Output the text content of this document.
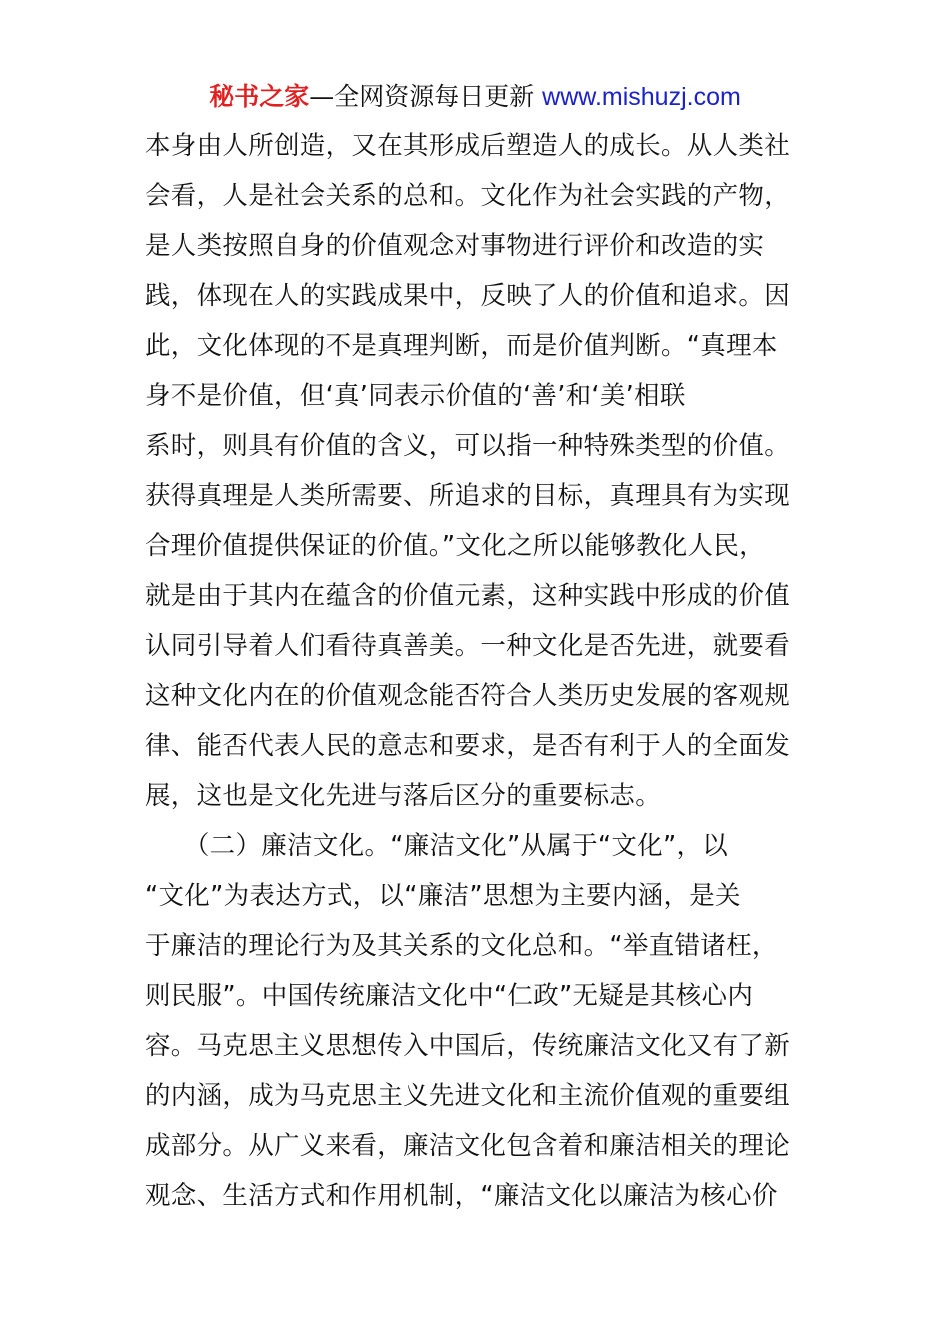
秘书之家—全网资源每日更新 www.mishuzj.com
本身由人所创造，又在其形成后塑造人的成长。从人类社
会看，人是社会关系的总和。文化作为社会实践的产物，
是人类按照自身的价值观念对事物进行评价和改造的实
践，体现在人的实践成果中，反映了人的价值和追求。因
此，文化体现的不是真理判断，而是价值判断。“真理本
身不是价值，但‘真’同表示价值的‘善’和‘美’相联
系时，则具有价值的含义，可以指一种特殊类型的价值。
获得真理是人类所需要、所追求的目标，真理具有为实现
合理价值提供保证的价值。”文化之所以能够教化人民，
就是由于其内在蕴含的价值元素，这种实践中形成的价值
认同引导着人们看待真善美。一种文化是否先进，就要看
这种文化内在的价值观念能否符合人类历史发展的客观规
律、能否代表人民的意志和要求，是否有利于人的全面发
展，这也是文化先进与落后区分的重要标志。
　　（二）廉洁文化。“廉洁文化”从属于“文化”，以
“文化”为表达方式，以“廉洁”思想为主要内涵，是关
于廉洁的理论行为及其关系的文化总和。“举直错诸枉，
则民服”。中国传统廉洁文化中“仁政”无疑是其核心内
容。马克思主义思想传入中国后，传统廉洁文化又有了新
的内涵，成为马克思主义先进文化和主流价值观的重要组
成部分。从广义来看，廉洁文化包含着和廉洁相关的理论
观念、生活方式和作用机制，“廉洁文化以廉洁为核心价
